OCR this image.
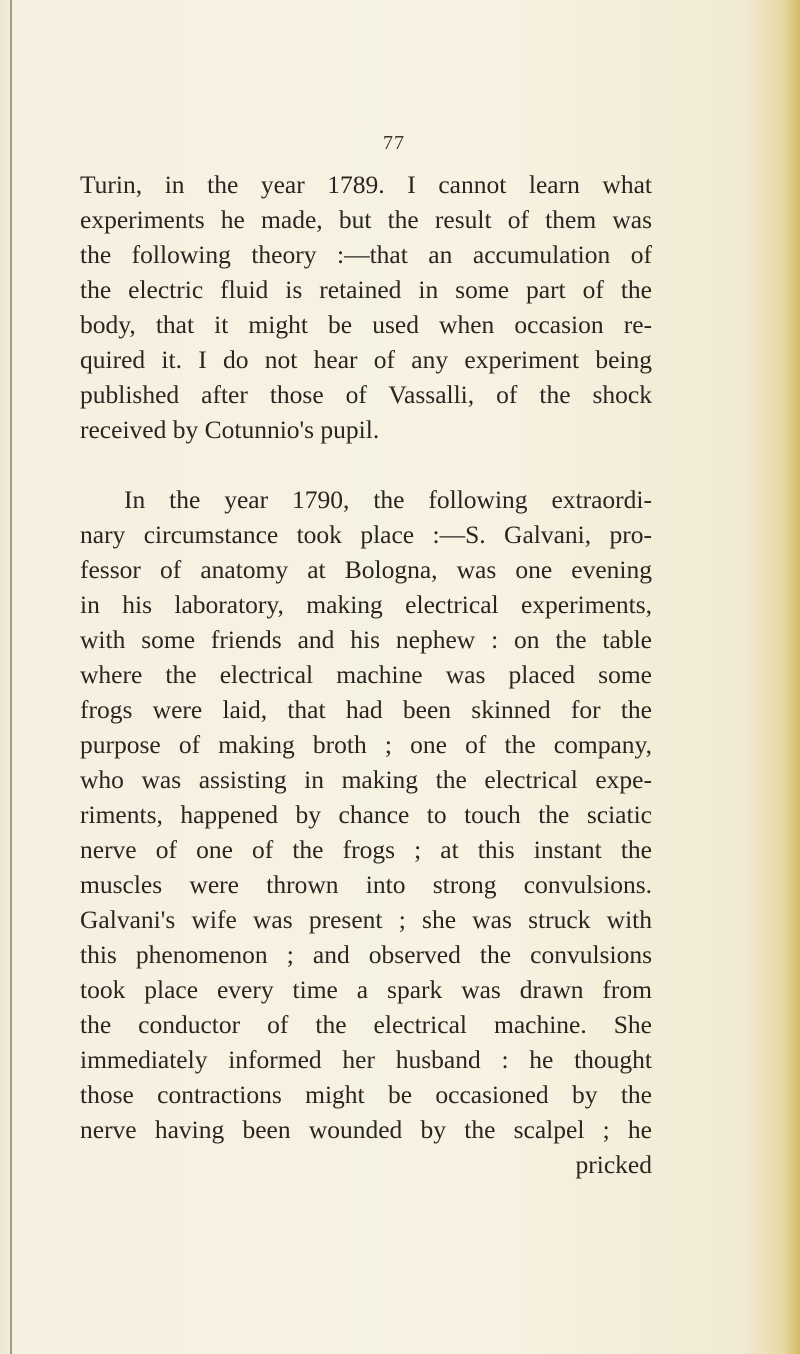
77
Turin, in the year 1789. I cannot learn what
experiments he made, but the result of them was
the following theory :—that an accumulation of
the electric fluid is retained in some part of the
body, that it might be used when occasion re-
quired it. I do not hear of any experiment being
published after those of Vassalli, of the shock
received by Cotunnio's pupil.
In the year 1790, the following extraordi-
nary circumstance took place :—S. Galvani, pro-
fessor of anatomy at Bologna, was one evening
in his laboratory, making electrical experiments,
with some friends and his nephew : on the table
where the electrical machine was placed some
frogs were laid, that had been skinned for the
purpose of making broth ; one of the company,
who was assisting in making the electrical expe-
riments, happened by chance to touch the sciatic
nerve of one of the frogs ; at this instant the
muscles were thrown into strong convulsions.
Galvani's wife was present ; she was struck with
this phenomenon ; and observed the convulsions
took place every time a spark was drawn from
the conductor of the electrical machine. She
immediately informed her husband : he thought
those contractions might be occasioned by the
nerve having been wounded by the scalpel ; he
pricked
